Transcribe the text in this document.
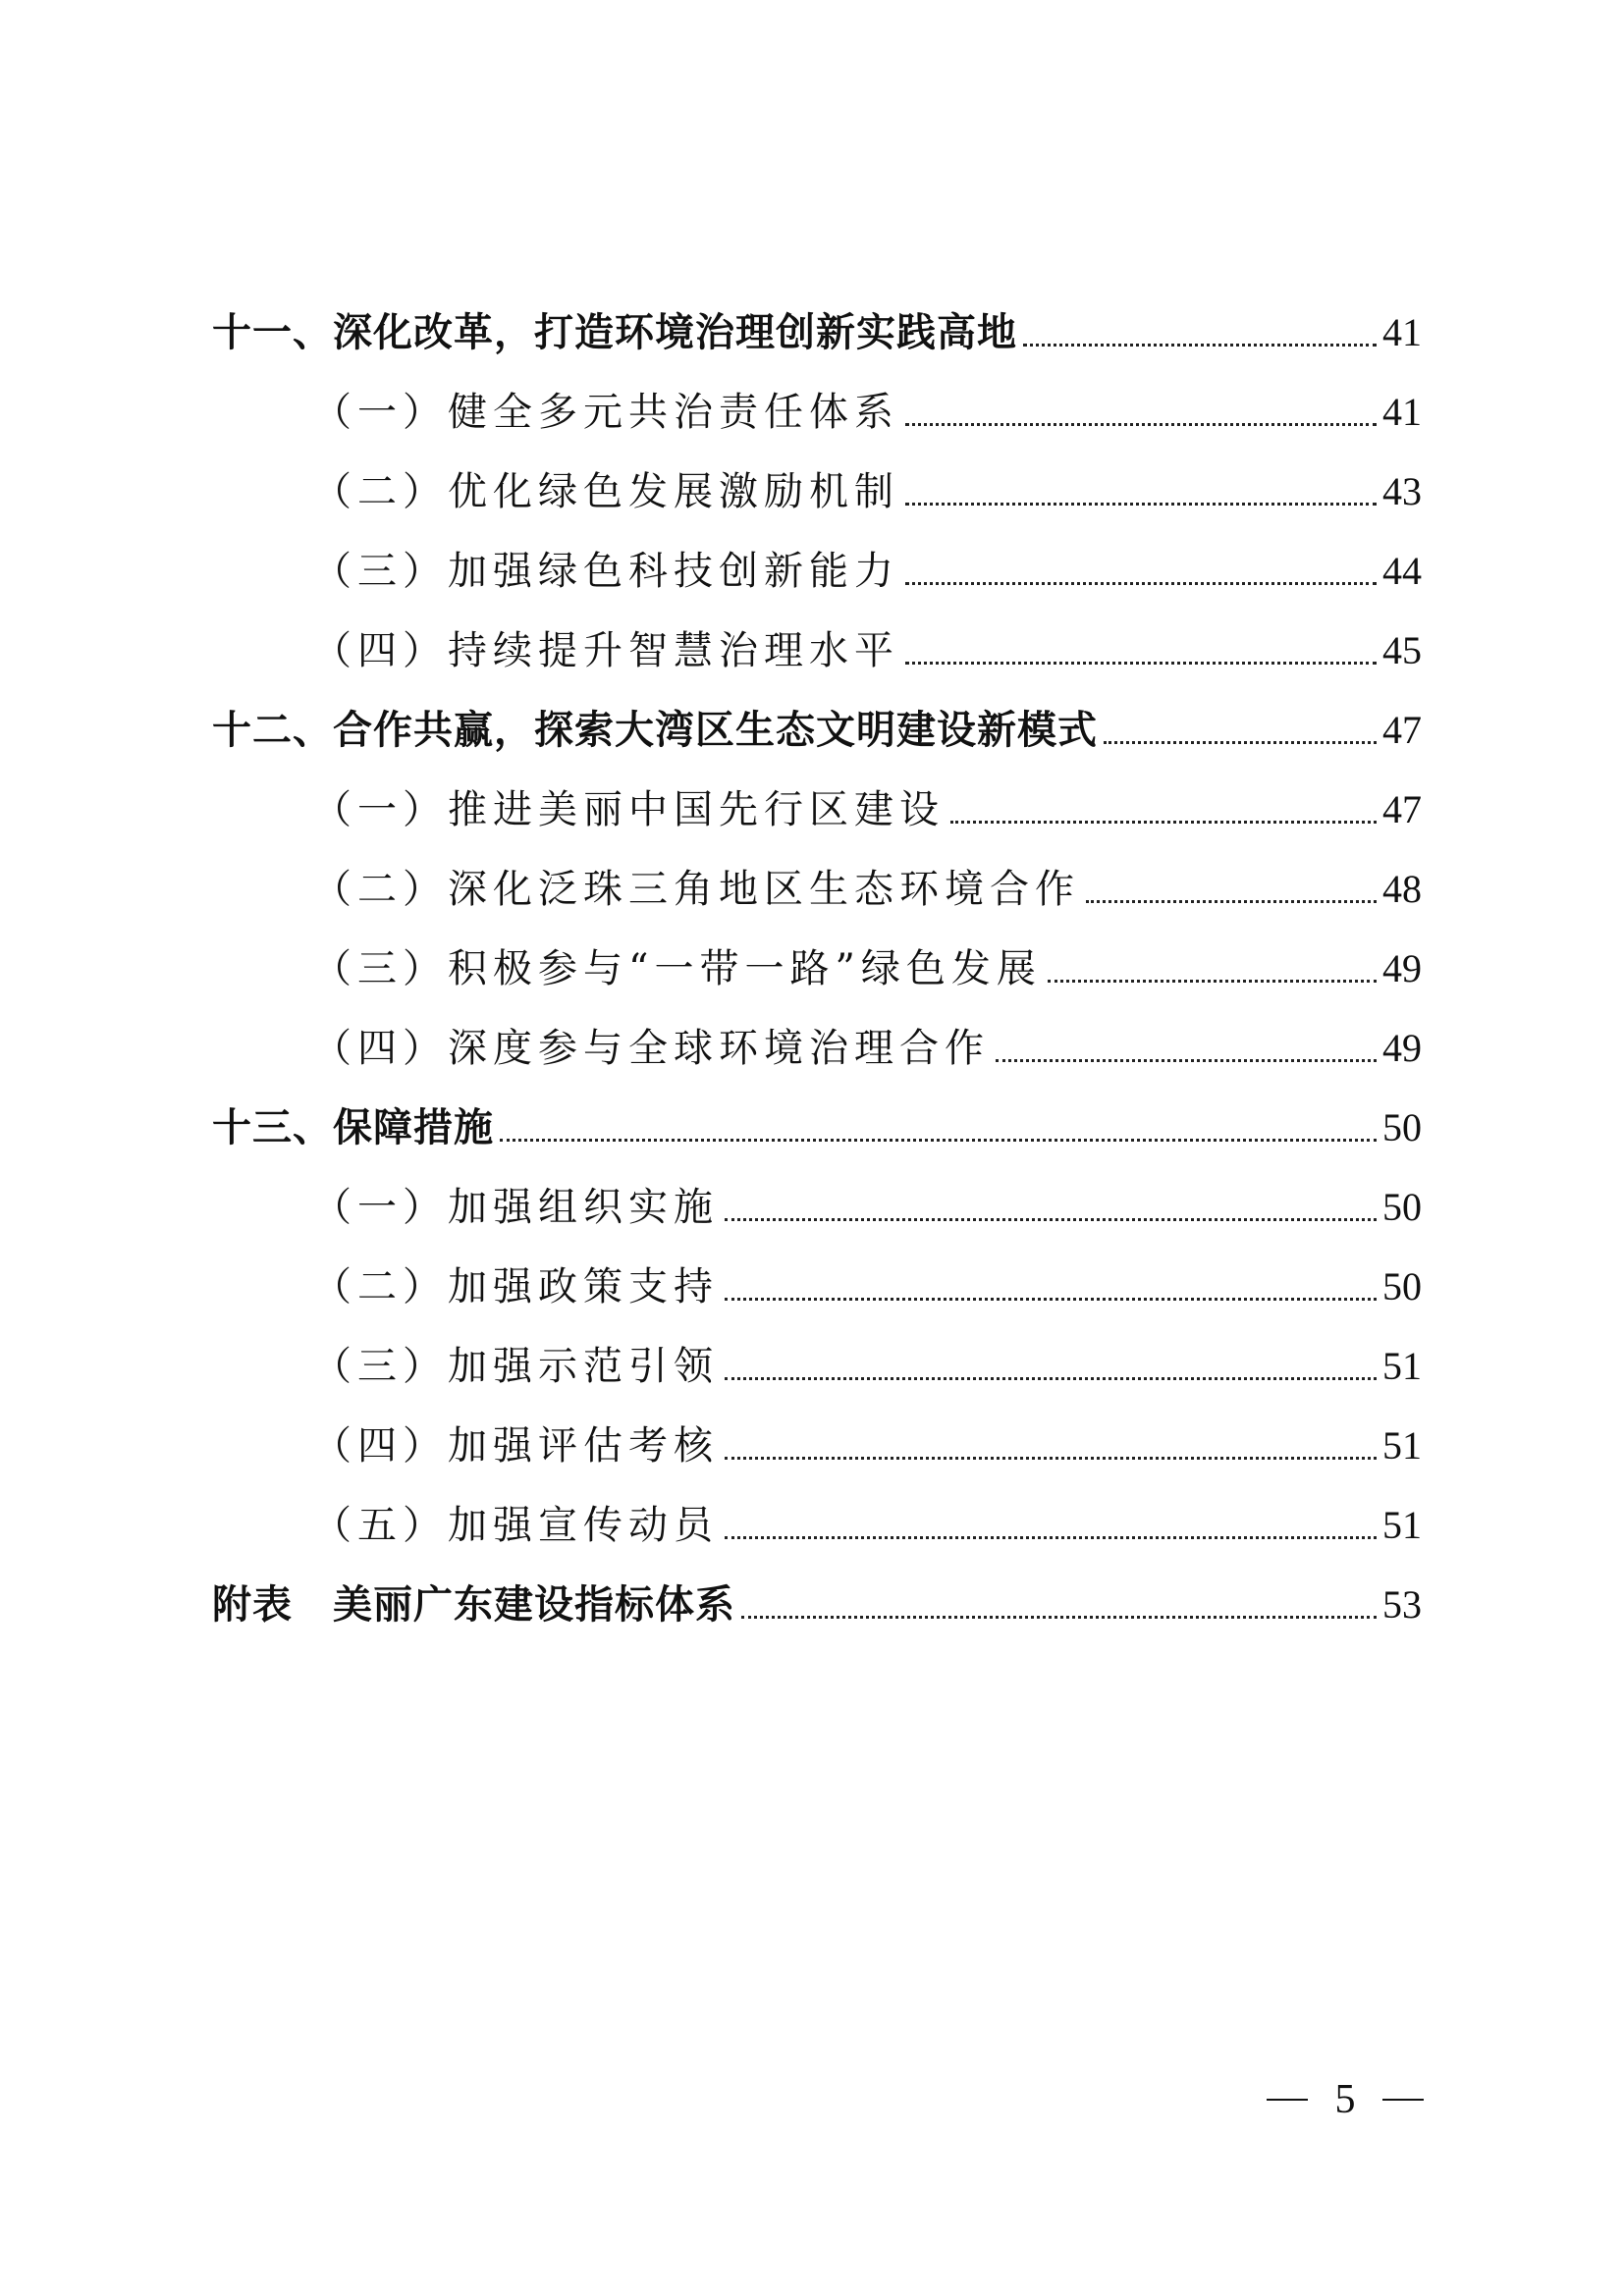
十一、深化改革，打造环境治理创新实践高地	41
（一）健全多元共治责任体系	41
（二）优化绿色发展激励机制	43
（三）加强绿色科技创新能力	44
（四）持续提升智慧治理水平	45
十二、合作共赢，探索大湾区生态文明建设新模式	47
（一）推进美丽中国先行区建设	47
（二）深化泛珠三角地区生态环境合作	48
（三）积极参与“一带一路”绿色发展	49
（四）深度参与全球环境治理合作	49
十三、保障措施	50
（一）加强组织实施	50
（二）加强政策支持	50
（三）加强示范引领	51
（四）加强评估考核	51
（五）加强宣传动员	51
附表　美丽广东建设指标体系	53
5
